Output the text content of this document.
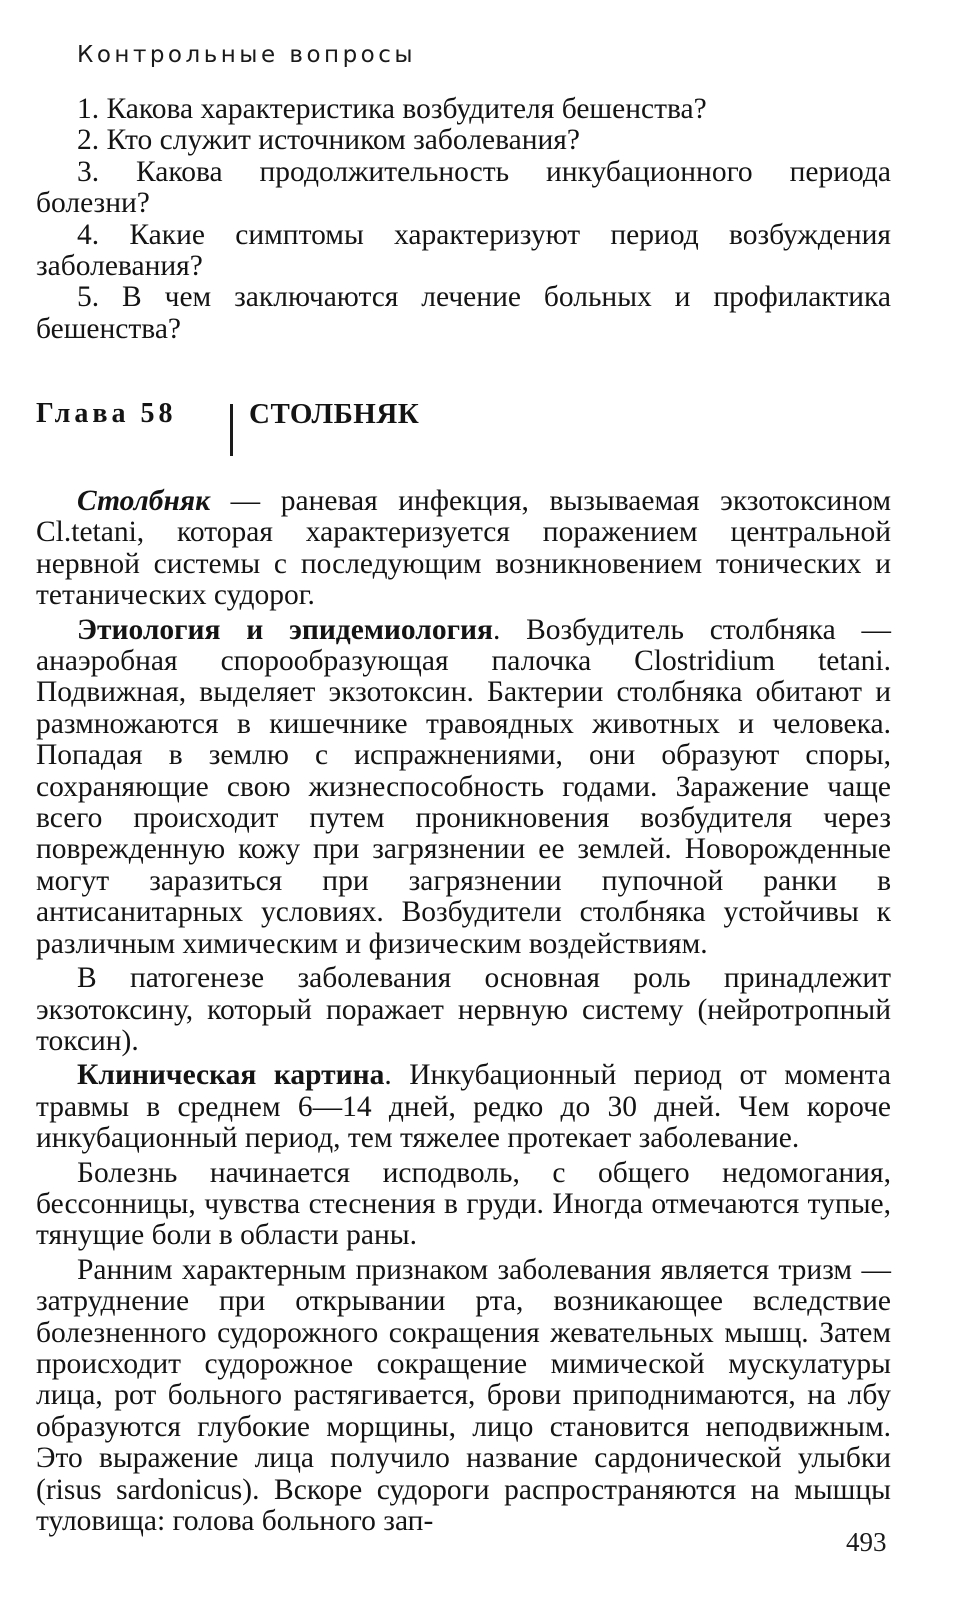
Контрольные вопросы
1. Какова характеристика возбудителя бешенства?
2. Кто служит источником заболевания?
3. Какова продолжительность инкубационного периода болезни?
4. Какие симптомы характеризуют период возбуждения заболевания?
5. В чем заключаются лечение больных и профилактика бешенства?
Глава 58	СТОЛБНЯК

Столбняк — раневая инфекция, вызываемая экзотоксином Cl.tetani, которая характеризуется поражением центральной нервной системы с последующим возникновением тонических и тетанических судорог.

Этиология и эпидемиология. Возбудитель столбняка — анаэробная спорообразующая палочка Clostridium tetani. Подвижная, выделяет экзотоксин. Бактерии столбняка обитают и размножаются в кишечнике травоядных животных и человека. Попадая в землю с испражнениями, они образуют споры, сохраняющие свою жизнеспособность годами. Заражение чаще всего происходит путем проникновения возбудителя через поврежденную кожу при загрязнении ее землей. Новорожденные могут заразиться при загрязнении пупочной ранки в антисанитарных условиях. Возбудители столбняка устойчивы к различным химическим и физическим воздействиям.

В патогенезе заболевания основная роль принадлежит экзотоксину, который поражает нервную систему (нейротропный токсин).

Клиническая картина. Инкубационный период от момента травмы в среднем 6—14 дней, редко до 30 дней. Чем короче инкубационный период, тем тяжелее протекает заболевание.

Болезнь начинается исподволь, с общего недомогания, бессонницы, чувства стеснения в груди. Иногда отмечаются тупые, тянущие боли в области раны.

Ранним характерным признаком заболевания является тризм — затруднение при открывании рта, возникающее вследствие болезненного судорожного сокращения жевательных мышц. Затем происходит судорожное сокращение мимической мускулатуры лица, рот больного растягивается, брови приподнимаются, на лбу образуются глубокие морщины, лицо становится неподвижным. Это выражение лица получило название сардонической улыбки (risus sardonicus). Вскоре судороги распространяются на мышцы туловища: голова больного зап-

493
